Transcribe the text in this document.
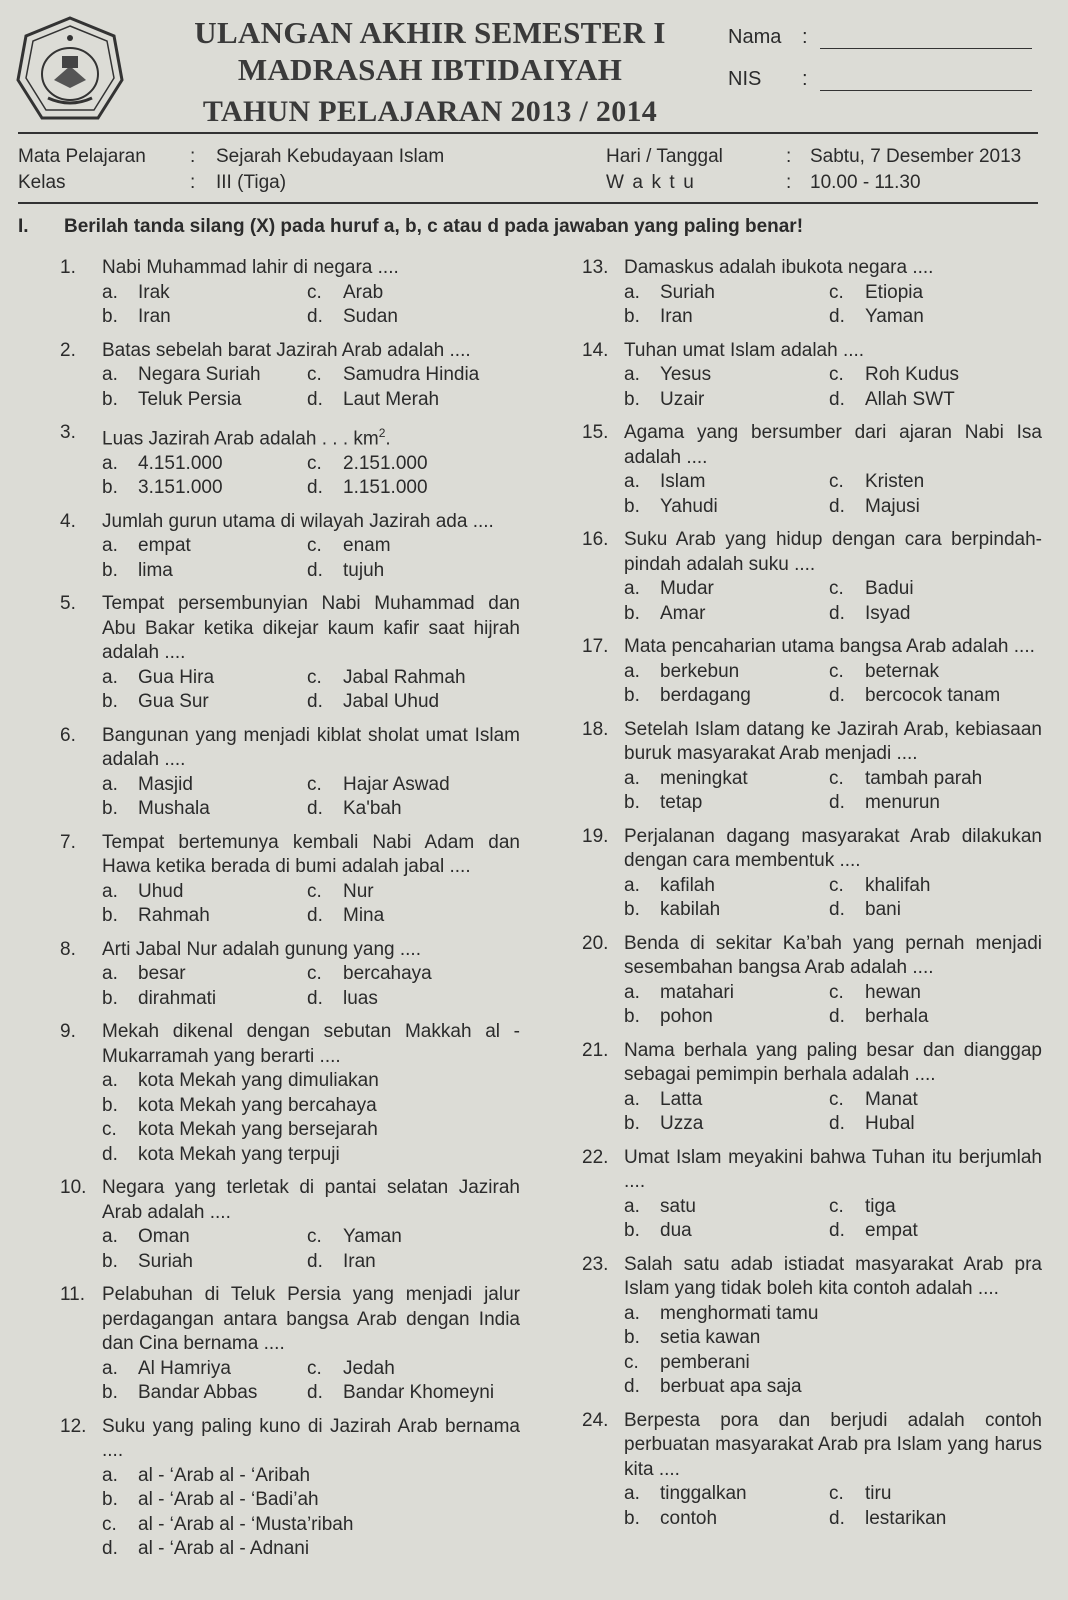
ULANGAN AKHIR SEMESTER I
MADRASAH IBTIDAIYAH
TAHUN PELAJARAN 2013 / 2014
Nama :
NIS :
Mata Pelajaran : Sejarah Kebudayaan Islam
Kelas	: III (Tiga)
Hari / Tanggal	: Sabtu, 7 Desember 2013
W a k t u	: 10.00 - 11.30
I. Berilah tanda silang (X) pada huruf a, b, c atau d pada jawaban yang paling benar!
1. Nabi Muhammad lahir di negara ....
a. Irak	c. Arab
b. Iran	d. Sudan
2. Batas sebelah barat Jazirah Arab adalah ....
a. Negara Suriah c. Samudra Hindia
b. Teluk Persia	d. Laut Merah
3. Luas Jazirah Arab adalah . . . $km^2$.
a. 4.151.000	c. 2.151.000
b. 3.151.000	d. 1.151.000
4. Jumlah gurun utama di wilayah Jazirah ada ....
a. empat	c. enam
b. lima	d. tujuh
5. Tempat persembunyian Nabi Muhammad dan Abu Bakar ketika dikejar kaum kafir saat hijrah adalah ....
a. Gua Hira	c. Jabal Rahmah
b. Gua Sur	d. Jabal Uhud
6. Bangunan yang menjadi kiblat sholat umat Islam adalah ....
a. Masjid	c. Hajar Aswad
b. Mushala	d. Ka'bah
7. Tempat bertemunya kembali Nabi Adam dan Hawa ketika berada di bumi adalah jabal ....
a. Uhud	c. Nur
b. Rahmah	d. Mina
8. Arti Jabal Nur adalah gunung yang ....
a. besar	c. bercahaya
b. dirahmati	d. luas
9. Mekah dikenal dengan sebutan Makkah al - Mukarramah yang berarti ....
a. kota Mekah yang dimuliakan
b. kota Mekah yang bercahaya
c. kota Mekah yang bersejarah
d. kota Mekah yang terpuji
10. Negara yang terletak di pantai selatan Jazirah Arab adalah ....
a. Oman	c. Yaman
b. Suriah	d. Iran
11. Pelabuhan di Teluk Persia yang menjadi jalur perdagangan antara bangsa Arab dengan India dan Cina bernama ....
a. Al Hamriya	c. Jedah
b. Bandar Abbas	d. Bandar Khomeyni
12. Suku yang paling kuno di Jazirah Arab bernama ....
a. al - ‘Arab al - ‘Aribah
b. al - ‘Arab al - ‘Badi’ah
c. al - ‘Arab al - ‘Musta’ribah
d. al - ‘Arab al - Adnani
13. Damaskus adalah ibukota negara ....
a. Suriah	c. Etiopia
b. Iran	d. Yaman
14. Tuhan umat Islam adalah ....
a. Yesus	c. Roh Kudus
b. Uzair	d. Allah SWT
15. Agama yang bersumber dari ajaran Nabi Isa adalah ....
a. Islam	c. Kristen
b. Yahudi	d. Majusi
16. Suku Arab yang hidup dengan cara berpindah-pindah adalah suku ....
a. Mudar	c. Badui
b. Amar	d. Isyad
17. Mata pencaharian utama bangsa Arab adalah ....
a. berkebun	c. beternak
b. berdagang	d. bercocok tanam
18. Setelah Islam datang ke Jazirah Arab, kebiasaan buruk masyarakat Arab menjadi ....
a. meningkat	c. tambah parah
b. tetap	d. menurun
19. Perjalanan dagang masyarakat Arab dilakukan dengan cara membentuk ....
a. kafilah	c. khalifah
b. kabilah	d. bani
20. Benda di sekitar Ka’bah yang pernah menjadi sesembahan bangsa Arab adalah ....
a. matahari	c. hewan
b. pohon	d. berhala
21. Nama berhala yang paling besar dan dianggap sebagai pemimpin berhala adalah ....
a. Latta	c. Manat
b. Uzza	d. Hubal
22. Umat Islam meyakini bahwa Tuhan itu berjumlah ....
a. satu	c. tiga
b. dua	d. empat
23. Salah satu adab istiadat masyarakat Arab pra Islam yang tidak boleh kita contoh adalah ....
a. menghormati tamu
b. setia kawan
c. pemberani
d. berbuat apa saja
24. Berpesta pora dan berjudi adalah contoh perbuatan masyarakat Arab pra Islam yang harus kita ....
a. tinggalkan	c. tiru
b. contoh	d. lestarikan
